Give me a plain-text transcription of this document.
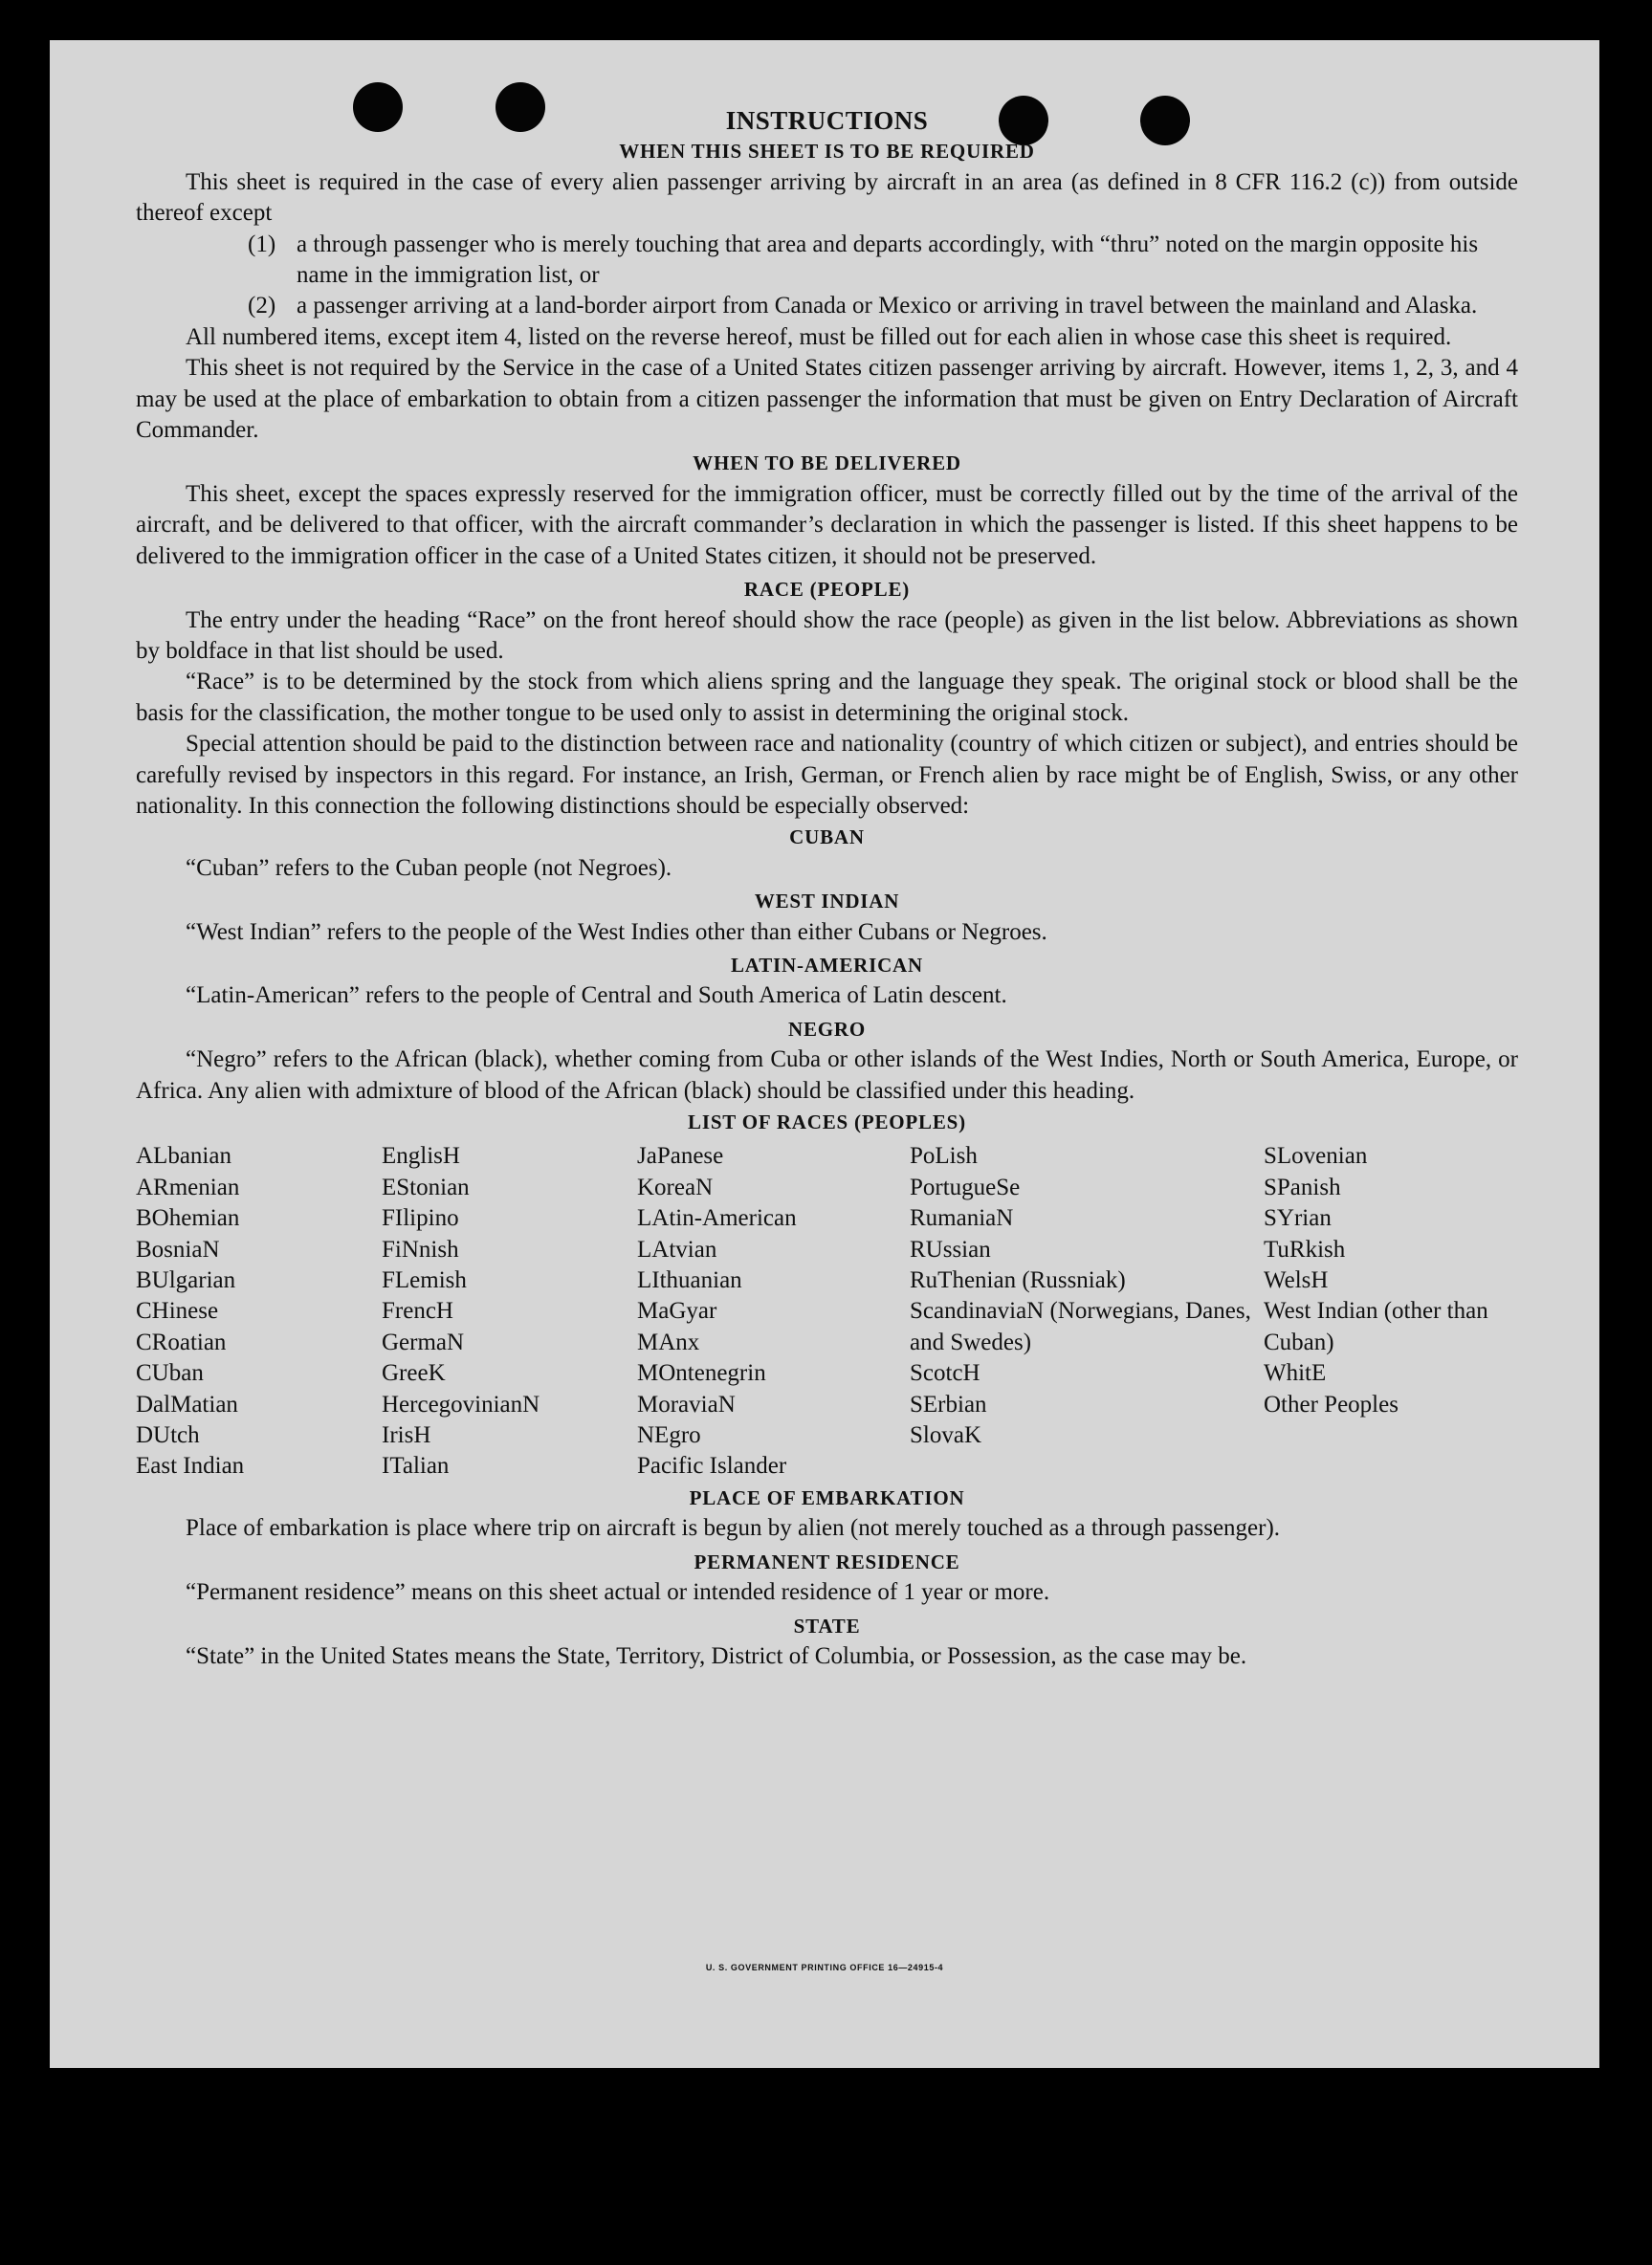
INSTRUCTIONS
WHEN THIS SHEET IS TO BE REQUIRED

This sheet is required in the case of every alien passenger arriving by aircraft in an area (as defined in 8 CFR 116.2 (c)) from outside thereof except

(1) a through passenger who is merely touching that area and departs accordingly, with “thru” noted on the margin opposite his name in the immigration list, or
(2) a passenger arriving at a land-border airport from Canada or Mexico or arriving in travel between the mainland and Alaska.

All numbered items, except item 4, listed on the reverse hereof, must be filled out for each alien in whose case this sheet is required.

This sheet is not required by the Service in the case of a United States citizen passenger arriving by aircraft. However, items 1, 2, 3, and 4 may be used at the place of embarkation to obtain from a citizen passenger the information that must be given on Entry Declaration of Aircraft Commander.

WHEN TO BE DELIVERED

This sheet, except the spaces expressly reserved for the immigration officer, must be correctly filled out by the time of the arrival of the aircraft, and be delivered to that officer, with the aircraft commander’s declaration in which the passenger is listed. If this sheet happens to be delivered to the immigration officer in the case of a United States citizen, it should not be preserved.

RACE (PEOPLE)

The entry under the heading “Race” on the front hereof should show the race (people) as given in the list below. Abbreviations as shown by boldface in that list should be used.

“Race” is to be determined by the stock from which aliens spring and the language they speak. The original stock or blood shall be the basis for the classification, the mother tongue to be used only to assist in determining the original stock.

Special attention should be paid to the distinction between race and nationality (country of which citizen or subject), and entries should be carefully revised by inspectors in this regard. For instance, an Irish, German, or French alien by race might be of English, Swiss, or any other nationality. In this connection the following distinctions should be especially observed:

CUBAN

“Cuban” refers to the Cuban people (not Negroes).

WEST INDIAN

“West Indian” refers to the people of the West Indies other than either Cubans or Negroes.

LATIN-AMERICAN

“Latin-American” refers to the people of Central and South America of Latin descent.

NEGRO

“Negro” refers to the African (black), whether coming from Cuba or other islands of the West Indies, North or South America, Europe, or Africa. Any alien with admixture of blood of the African (black) should be classified under this heading.

LIST OF RACES (PEOPLES)
ALbanian
ARmenian
BOhemian
BosniaN
BUlgarian
CHinese
CRoatian
CUban
DalMatian
DUtch
East Indian
EnglisH
EStonian
FIlipino
FiNnish
FLemish
FrencH
GermaN
GreeK
HercegovinianN
IrisH
ITalian
JaPanese
KoreaN
LAtin-American
LAtvian
LIthuanian
MaGyar
MAnx
MOntenegrin
MoraviaN
NEgro
Pacific Islander
PoLish
PortugueSe
RumaniaN
RUssian
RuThenian (Russniak)
ScandinaviaN (Norwegians, Danes, and Swedes)
ScotcH
SErbian
SlovaK
SLovenian
SPanish
SYrian
TuRkish
WelsH
West Indian (other than Cuban)
WhitE
Other Peoples
PLACE OF EMBARKATION

Place of embarkation is place where trip on aircraft is begun by alien (not merely touched as a through passenger).

PERMANENT RESIDENCE

“Permanent residence” means on this sheet actual or intended residence of 1 year or more.

STATE

“State” in the United States means the State, Territory, District of Columbia, or Possession, as the case may be.

U. S. GOVERNMENT PRINTING OFFICE 16—24915-4
